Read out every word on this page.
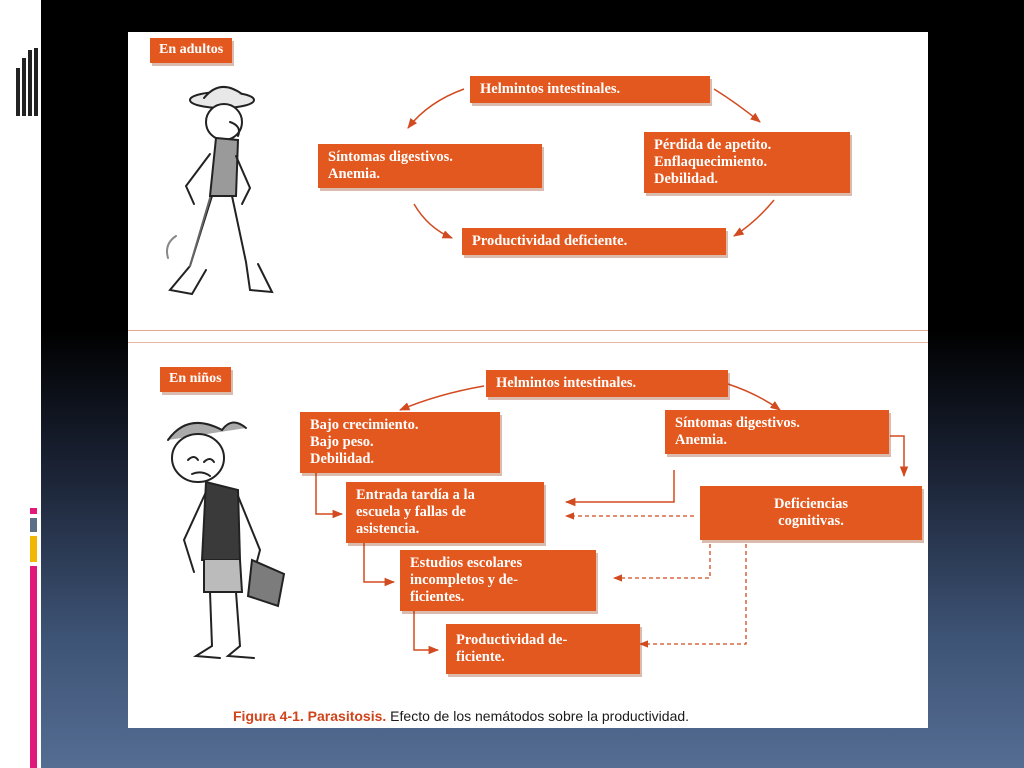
En adultos
Helmintos intestinales.
Síntomas digestivos.
Anemia.
Pérdida de apetito.
Enflaquecimiento.
Debilidad.
Productividad deficiente.
En niños	Helmintos intestinales.
Bajo crecimiento.
Bajo peso.
Debilidad.
Síntomas digestivos.
Anemia.
Entrada tardía a la
escuela y fallas de
asistencia.
Deficiencias
cognitivas.
Estudios escolares
incompletos y de-
ficientes.
Productividad de-
ficiente.
Figura 4-1. Parasitosis. Efecto de los nemátodos sobre la productividad.
